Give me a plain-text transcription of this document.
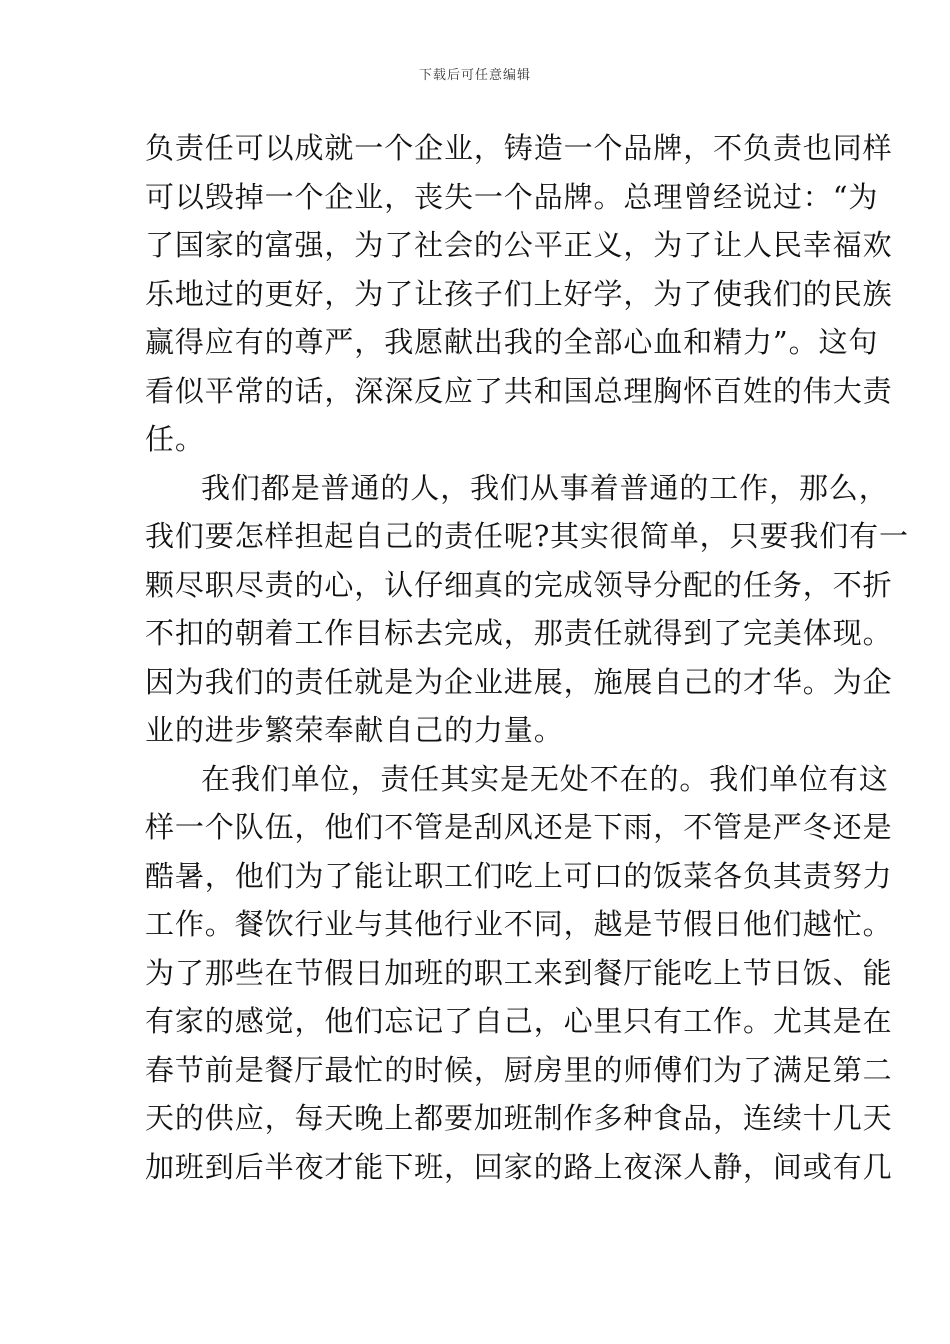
下载后可任意编辑

负责任可以成就一个企业，铸造一个品牌，不负责也同样
可以毁掉一个企业，丧失一个品牌。总理曾经说过：“为
了国家的富强，为了社会的公平正义，为了让人民幸福欢
乐地过的更好，为了让孩子们上好学，为了使我们的民族
赢得应有的尊严，我愿献出我的全部心血和精力”。这句
看似平常的话，深深反应了共和国总理胸怀百姓的伟大责
任。

我们都是普通的人，我们从事着普通的工作，那么，
我们要怎样担起自己的责任呢?其实很简单，只要我们有一
颗尽职尽责的心，认仔细真的完成领导分配的任务，不折
不扣的朝着工作目标去完成，那责任就得到了完美体现。
因为我们的责任就是为企业进展，施展自己的才华。为企
业的进步繁荣奉献自己的力量。

在我们单位，责任其实是无处不在的。我们单位有这
样一个队伍，他们不管是刮风还是下雨，不管是严冬还是
酷暑，他们为了能让职工们吃上可口的饭菜各负其责努力
工作。餐饮行业与其他行业不同，越是节假日他们越忙。
为了那些在节假日加班的职工来到餐厅能吃上节日饭、能
有家的感觉，他们忘记了自己，心里只有工作。尤其是在
春节前是餐厅最忙的时候，厨房里的师傅们为了满足第二
天的供应，每天晚上都要加班制作多种食品，连续十几天
加班到后半夜才能下班，回家的路上夜深人静，间或有几
